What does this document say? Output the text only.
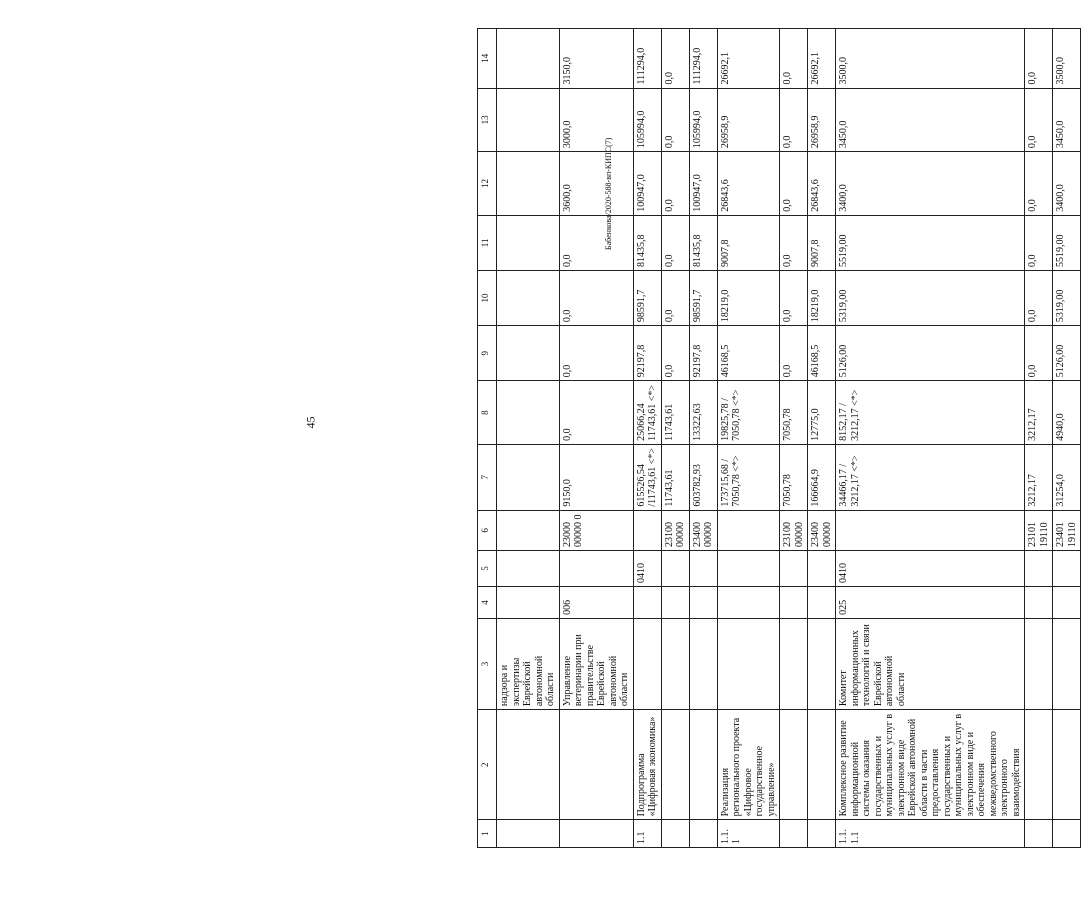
45
Бабенкова/2020-588-вп-КИПС(7)
1	2	3	4	5	6	7	8	9	10	11	12	13	14
		надзора и экспертизы Еврейской автономной области											
		Управление ветеринарии при правительстве Еврейской автономной области	006		23000 00000 0	9150,0	0,0	0,0	0,0	0,0	3600,0	3000,0	3150,0
1.1	Подпрограмма «Цифровая экономика»			0410		615526,54 /11743,61 <*>	25066,24 11743,61 <*>	92197,8	98591,7	81435,8	100947,0	105994,0	111294,0
					23100 00000	11743,61	11743,61	0,0	0,0	0,0	0,0	0,0	0,0
					23400 00000	603782,93	13322,63	92197,8	98591,7	81435,8	100947,0	105994,0	111294,0
1.1. 1	Реализация регионального проекта «Цифровое государственное управление»					173715,68 / 7050,78 <*>	19825,78 / 7050,78 <*>	46168,5	18219,0	9007,8	26843,6	26958,9	26692,1
					23100 00000	7050,78	7050,78	0,0	0,0	0,0	0,0	0,0	0,0
					23400 00000	166664,9	12775,0	46168,5	18219,0	9007,8	26843,6	26958,9	26692,1
1.1. 1.1	Комплексное развитие информационной системы оказания государственных и муниципальных услуг в электронном виде Еврейской автономной области в части предоставления государственных и муниципальных услуг в электронном виде и обеспечения межведомственного электронного взаимодействия	Комитет информационных технологий и связи Еврейской автономной области	025	0410		34466,17 / 3212,17 <*>	8152,17 / 3212,17 <*>	5126,00	5319,00	5519,00	3400,0	3450,0	3500,0
					23101 19110	3212,17	3212,17	0,0	0,0	0,0	0,0	0,0	0,0
					23401 19110	31254,0	4940,0	5126,00	5319,00	5519,00	3400,0	3450,0	3500,0
